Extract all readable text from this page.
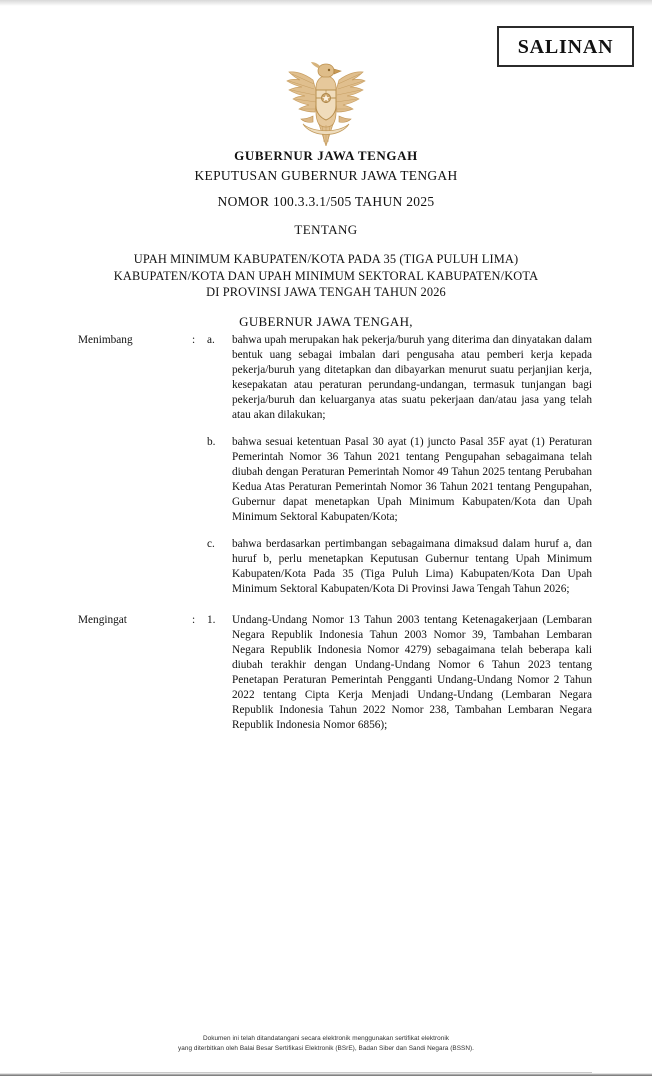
SALINAN
GUBERNUR JAWA TENGAH
KEPUTUSAN GUBERNUR JAWA TENGAH
NOMOR 100.3.3.1/505 TAHUN 2025
TENTANG
UPAH MINIMUM KABUPATEN/KOTA PADA 35 (TIGA PULUH LIMA)
KABUPATEN/KOTA DAN UPAH MINIMUM SEKTORAL KABUPATEN/KOTA
DI PROVINSI JAWA TENGAH TAHUN 2026
GUBERNUR JAWA TENGAH,
Menimbang	:	a.	bahwa upah merupakan hak pekerja/buruh yang diterima dan dinyatakan dalam bentuk uang sebagai imbalan dari pengusaha atau pemberi kerja kepada pekerja/buruh yang ditetapkan dan dibayarkan menurut suatu perjanjian kerja, kesepakatan atau peraturan perundang-undangan, termasuk tunjangan bagi pekerja/buruh dan keluarganya atas suatu pekerjaan dan/atau jasa yang telah atau akan dilakukan;
b.	bahwa sesuai ketentuan Pasal 30 ayat (1) juncto Pasal 35F ayat (1) Peraturan Pemerintah Nomor 36 Tahun 2021 tentang Pengupahan sebagaimana telah diubah dengan Peraturan Pemerintah Nomor 49 Tahun 2025 tentang Perubahan Kedua Atas Peraturan Pemerintah Nomor 36 Tahun 2021 tentang Pengupahan, Gubernur dapat menetapkan Upah Minimum Kabupaten/Kota dan Upah Minimum Sektoral Kabupaten/Kota;
c.	bahwa berdasarkan pertimbangan sebagaimana dimaksud dalam huruf a, dan huruf b, perlu menetapkan Keputusan Gubernur tentang Upah Minimum Kabupaten/Kota Pada 35 (Tiga Puluh Lima) Kabupaten/Kota Dan Upah Minimum Sektoral Kabupaten/Kota Di Provinsi Jawa Tengah Tahun 2026;
Mengingat	:	1.	Undang-Undang Nomor 13 Tahun 2003 tentang Ketenagakerjaan (Lembaran Negara Republik Indonesia Tahun 2003 Nomor 39, Tambahan Lembaran Negara Republik Indonesia Nomor 4279) sebagaimana telah beberapa kali diubah terakhir dengan Undang-Undang Nomor 6 Tahun 2023 tentang Penetapan Peraturan Pemerintah Pengganti Undang-Undang Nomor 2 Tahun 2022 tentang Cipta Kerja Menjadi Undang-Undang (Lembaran Negara Republik Indonesia Tahun 2022 Nomor 238, Tambahan Lembaran Negara Republik Indonesia Nomor 6856);
Dokumen ini telah ditandatangani secara elektronik menggunakan sertifikat elektronik
yang diterbitkan oleh Balai Besar Sertifikasi Elektronik (BSrE), Badan Siber dan Sandi Negara (BSSN).
